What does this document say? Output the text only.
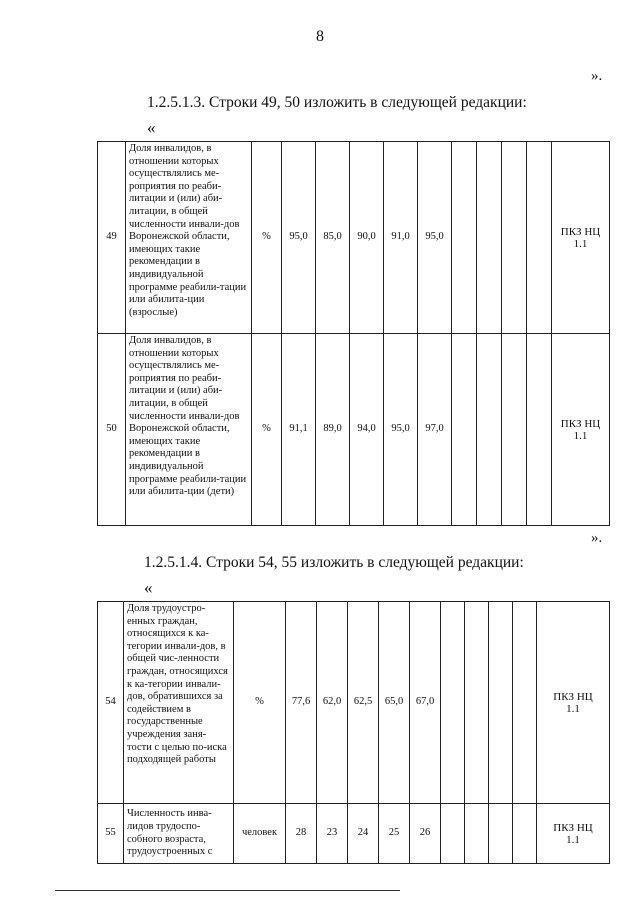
8
».
1.2.5.1.3. Строки 49, 50 изложить в следующей редакции:
«
49	Доля инвалидов, в отношении которых осуществлялись ме-роприятия по реаби-литации и (или) аби-литации, в общей численности инвали-дов Воронежской области, имеющих такие рекомендации в индивидуальной программе реабили-тации или абилита-ции (взрослые)	%	95,0	85,0	90,0	91,0	95,0					ПКЗ НЦ
1.1

50	Доля инвалидов, в отношении которых осуществлялись ме-роприятия по реаби-литации и (или) аби-литации, в общей численности инвали-дов Воронежской области, имеющих такие рекомендации в индивидуальной программе реабили-тации или абилита-ции (дети)	%	91,1	89,0	94,0	95,0	97,0					ПКЗ НЦ
1.1
».
1.2.5.1.4. Строки 54, 55 изложить в следующей редакции:
«
54	Доля трудоустро-енных граждан, относящихся к ка-тегории инвали-дов, в общей чис-ленности граждан, относящихся к ка-тегории инвали-дов, обратившихся за содействием в государственные учреждения заня-тости с целью по-иска подходящей работы	%	77,6	62,0	62,5	65,0	67,0					ПКЗ НЦ
1.1

55	Численность инва-лидов трудоспо-собного возраста, трудоустроенных с	человек	28	23	24	25	26					ПКЗ НЦ
1.1
